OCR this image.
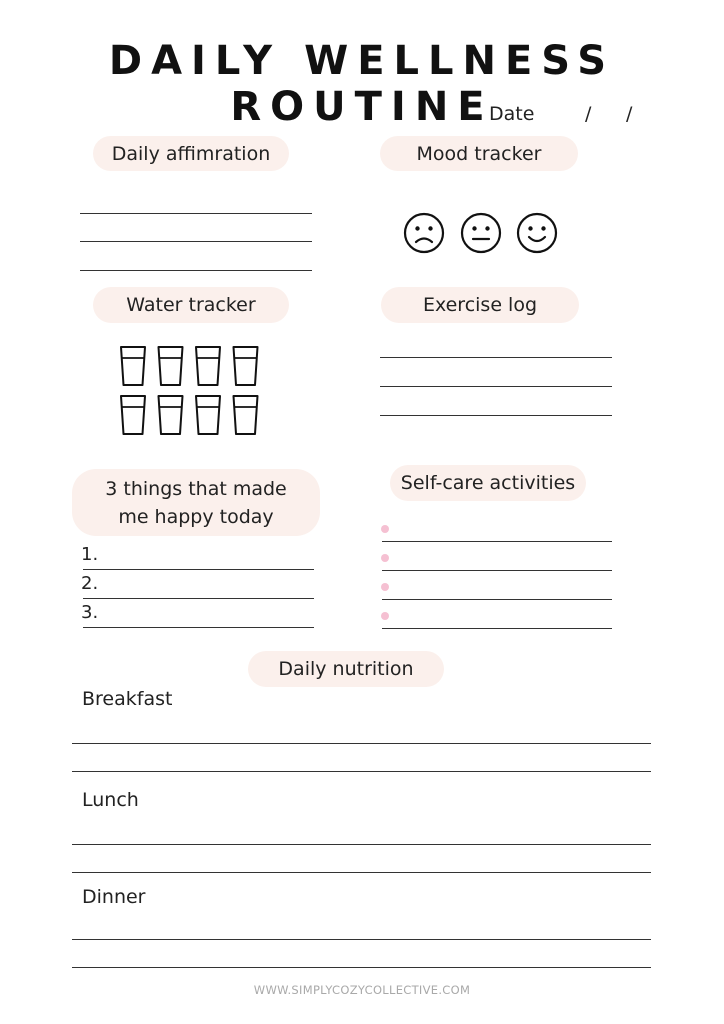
DAILY WELLNESS ROUTINE
Date	/ /
Daily affimration	Mood tracker
Water tracker	Exercise log
3 things that made
me happy today
1.
2.
3.
Self-care activities
Daily nutrition
Breakfast
Lunch
Dinner
WWW.SIMPLYCOZYCOLLECTIVE.COM
